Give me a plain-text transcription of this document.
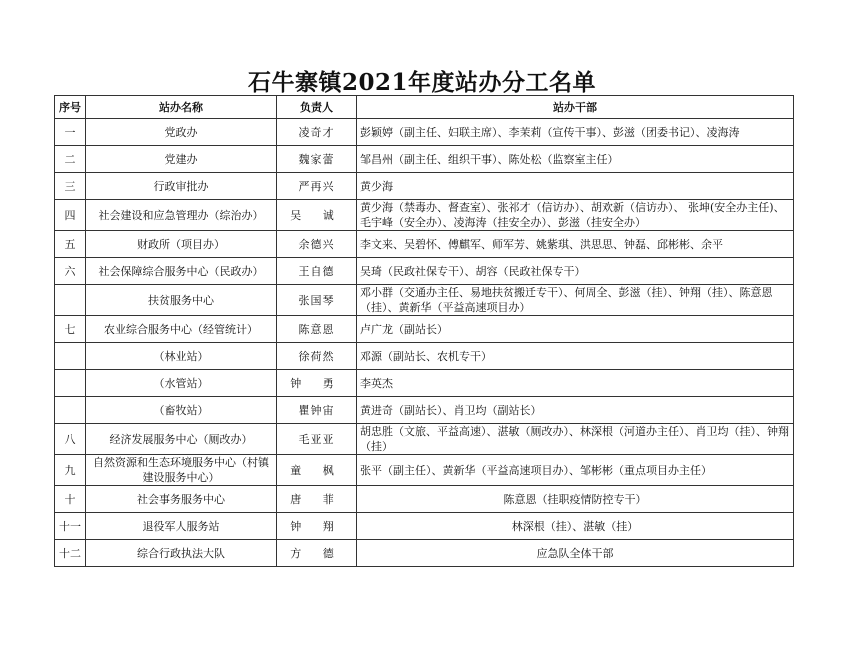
石牛寨镇2021年度站办分工名单
序号	站办名称	负责人	站办干部
一	党政办	凌奇才	彭颖婷（副主任、妇联主席）、李茉莉（宣传干事）、彭滋（团委书记）、凌海涛
二	党建办	魏家蕾	邹昌州（副主任、组织干事）、陈处松（监察室主任）
三	行政审批办	严再兴	黄少海
四	社会建设和应急管理办（综治办）	吴 诚	黄少海（禁毒办、督查室）、张祁才（信访办）、胡欢新（信访办）、 张坤(安全办主任)、毛宇峰（安全办）、凌海涛（挂安全办）、彭滋（挂安全办）
五	财政所（项目办）	余德兴	李文来、吴碧怀、傅麒军、师军芳、姚紫琪、洪思思、钟磊、邱彬彬、余平
六	社会保障综合服务中心（民政办）	王自德	吴琦（民政社保专干）、胡容（民政社保专干）
	扶贫服务中心	张国琴	邓小群（交通办主任、易地扶贫搬迁专干）、何周全、彭滋（挂）、钟翔（挂）、陈意恩（挂）、黄新华（平益高速项目办）
七	农业综合服务中心（经管统计）	陈意恩	卢广龙（副站长）
	（林业站）	徐荷然	邓源（副站长、农机专干）
	（水管站）	钟 勇	李英杰
	（畜牧站）	瞿钟宙	黄进奇（副站长）、肖卫均（副站长）
八	经济发展服务中心（厕改办）	毛亚亚	胡忠胜（文旅、平益高速）、湛敏（厕改办）、林深根（河道办主任）、肖卫均（挂）、钟翔（挂）
九	自然资源和生态环境服务中心（村镇建设服务中心）	童 枫	张平（副主任）、黄新华（平益高速项目办）、邹彬彬（重点项目办主任）
十	社会事务服务中心	唐 菲	陈意恩（挂职疫情防控专干）
十一	退役军人服务站	钟 翔	林深根（挂）、湛敏（挂）
十二	综合行政执法大队	方 德	应急队全体干部
